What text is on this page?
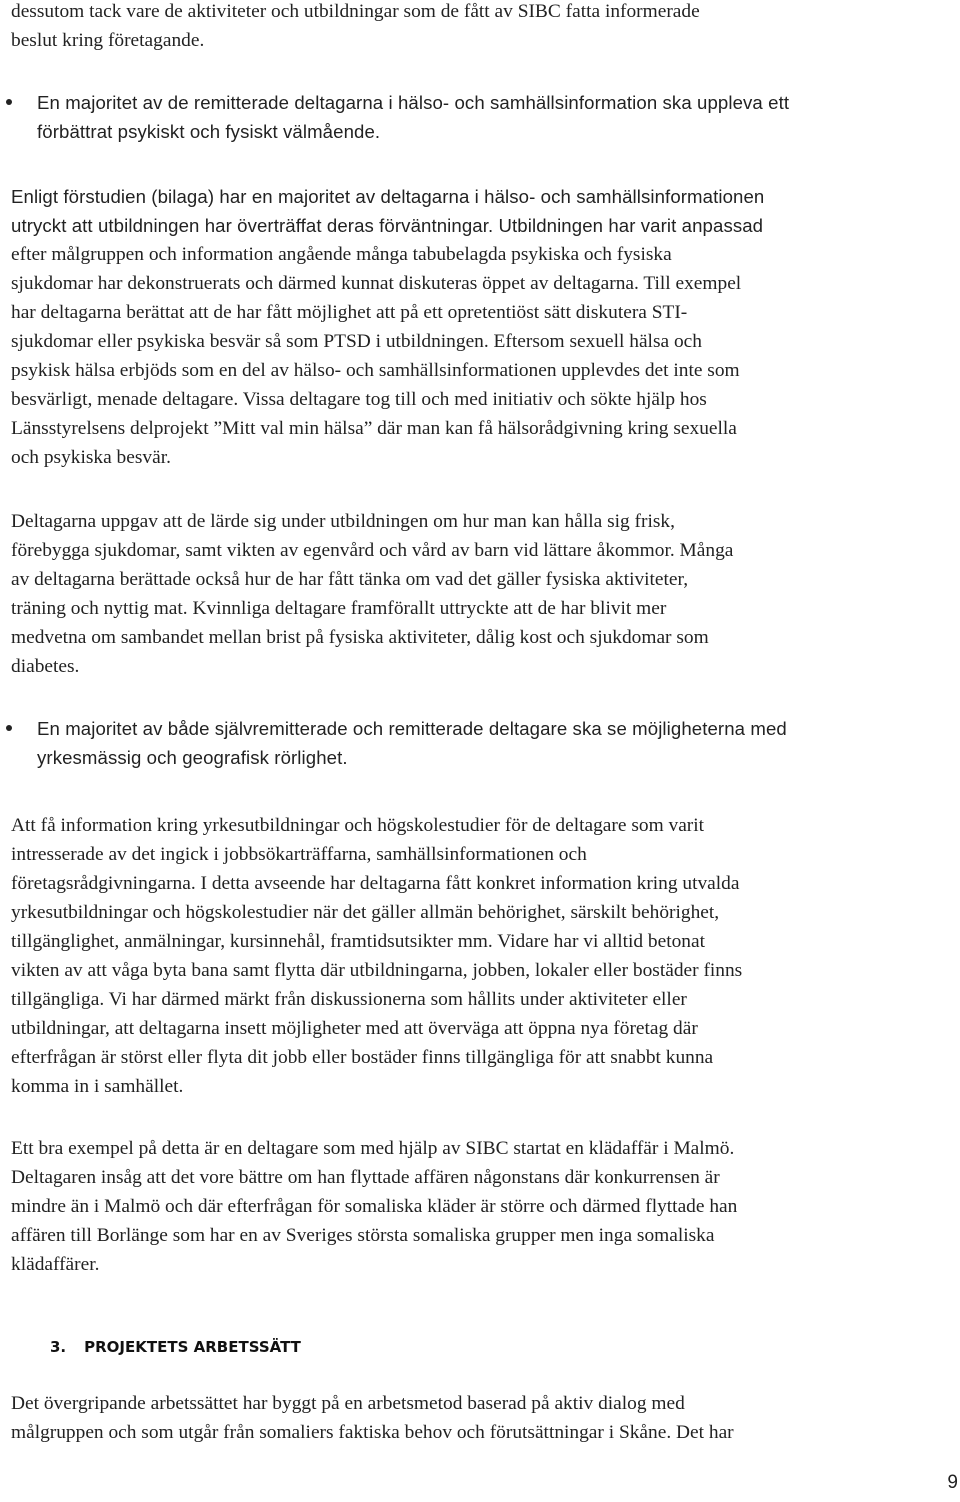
dessutom tack vare de aktiviteter och utbildningar som de fått av SIBC fatta informerade
beslut kring företagande.
En majoritet av de remitterade deltagarna i hälso- och samhällsinformation ska uppleva ett
förbättrat psykiskt och fysiskt välmående.
Enligt förstudien (bilaga) har en majoritet av deltagarna i hälso- och samhällsinformationen
utryckt att utbildningen har överträffat deras förväntningar. Utbildningen har varit anpassad
efter målgruppen och information angående många tabubelagda psykiska och fysiska
sjukdomar har dekonstruerats och därmed kunnat diskuteras öppet av deltagarna. Till exempel
har deltagarna berättat att de har fått möjlighet att på ett opretentiöst sätt diskutera STI-
sjukdomar eller psykiska besvär så som PTSD i utbildningen. Eftersom sexuell hälsa och
psykisk hälsa erbjöds som en del av hälso- och samhällsinformationen upplevdes det inte som
besvärligt, menade deltagare. Vissa deltagare tog till och med initiativ och sökte hjälp hos
Länsstyrelsens delprojekt ”Mitt val min hälsa” där man kan få hälsorådgivning kring sexuella
och psykiska besvär.
Deltagarna uppgav att de lärde sig under utbildningen om hur man kan hålla sig frisk,
förebygga sjukdomar, samt vikten av egenvård och vård av barn vid lättare åkommor. Många
av deltagarna berättade också hur de har fått tänka om vad det gäller fysiska aktiviteter,
träning och nyttig mat. Kvinnliga deltagare framförallt uttryckte att de har blivit mer
medvetna om sambandet mellan brist på fysiska aktiviteter, dålig kost och sjukdomar som
diabetes.
En majoritet av både självremitterade och remitterade deltagare ska se möjligheterna med
yrkesmässig och geografisk rörlighet.
Att få information kring yrkesutbildningar och högskolestudier för de deltagare som varit
intresserade av det ingick i jobbsökarträffarna, samhällsinformationen och
företagsrådgivningarna. I detta avseende har deltagarna fått konkret information kring utvalda
yrkesutbildningar och högskolestudier när det gäller allmän behörighet, särskilt behörighet,
tillgänglighet, anmälningar, kursinnehål, framtidsutsikter mm. Vidare har vi alltid betonat
vikten av att våga byta bana samt flytta där utbildningarna, jobben, lokaler eller bostäder finns
tillgängliga. Vi har därmed märkt från diskussionerna som hållits under aktiviteter eller
utbildningar, att deltagarna insett möjligheter med att överväga att öppna nya företag där
efterfrågan är störst eller flyta dit jobb eller bostäder finns tillgängliga för att snabbt kunna
komma in i samhället.
Ett bra exempel på detta är en deltagare som med hjälp av SIBC startat en klädaffär i Malmö.
Deltagaren insåg att det vore bättre om han flyttade affären någonstans där konkurrensen är
mindre än i Malmö och där efterfrågan för somaliska kläder är större och därmed flyttade han
affären till Borlänge som har en av Sveriges största somaliska grupper men inga somaliska
klädaffärer.
3. PROJEKTETS ARBETSSÄTT
Det övergripande arbetssättet har byggt på en arbetsmetod baserad på aktiv dialog med
målgruppen och som utgår från somaliers faktiska behov och förutsättningar i Skåne. Det har
9
